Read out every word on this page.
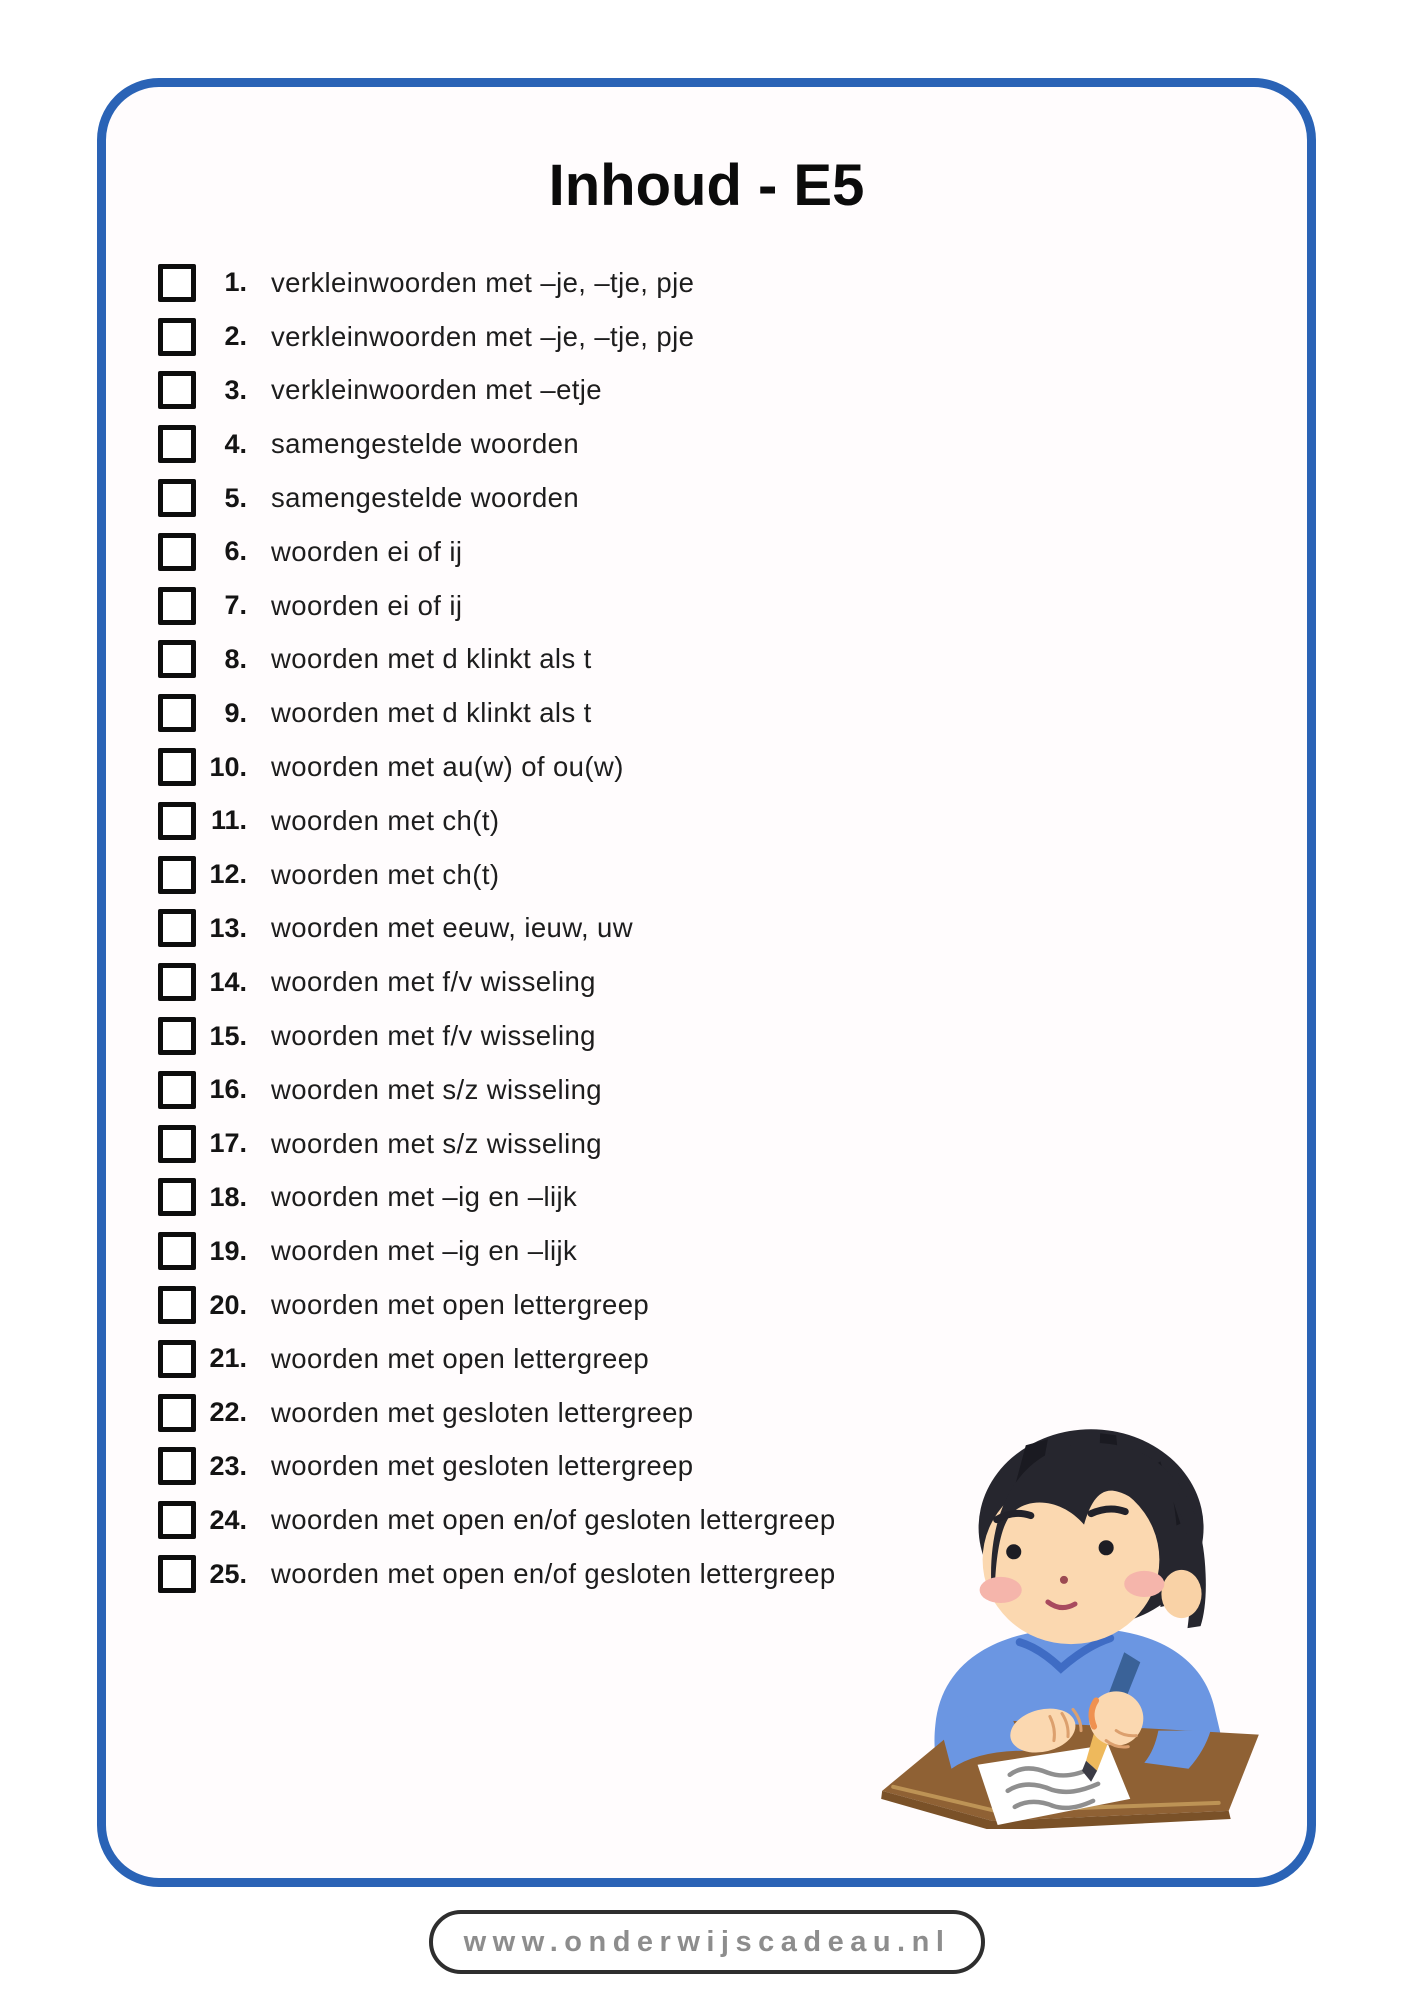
Inhoud - E5
1. verkleinwoorden met –je, –tje, pje
2. verkleinwoorden met –je, –tje, pje
3. verkleinwoorden met –etje
4. samengestelde woorden
5. samengestelde woorden
6. woorden ei of ij
7. woorden ei of ij
8. woorden met d klinkt als t
9. woorden met d klinkt als t
10. woorden met au(w) of ou(w)
11. woorden met ch(t)
12. woorden met ch(t)
13. woorden met eeuw, ieuw, uw
14. woorden met f/v wisseling
15. woorden met f/v wisseling
16. woorden met s/z wisseling
17. woorden met s/z wisseling
18. woorden met –ig en –lijk
19. woorden met –ig en –lijk
20. woorden met open lettergreep
21. woorden met open lettergreep
22. woorden met gesloten lettergreep
23. woorden met gesloten lettergreep
24. woorden met open en/of gesloten lettergreep
25. woorden met open en/of gesloten lettergreep
www.onderwijscadeau.nl
